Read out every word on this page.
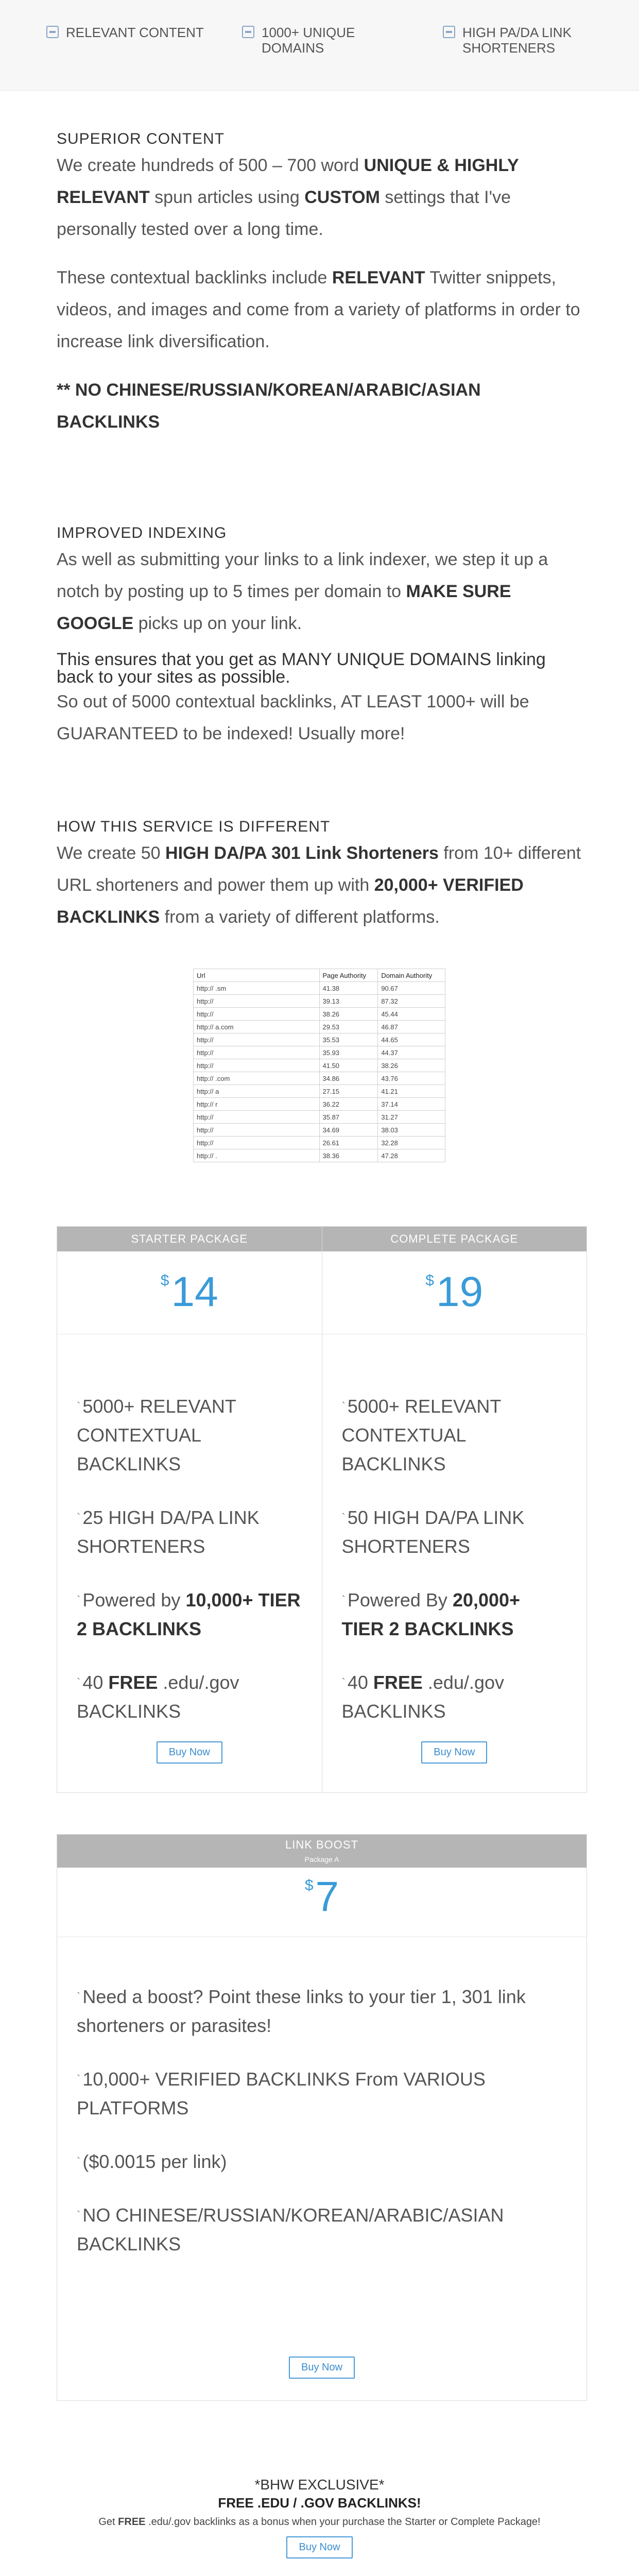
RELEVANT CONTENT	1000+ UNIQUE DOMAINS
HIGH PA/DA LINK SHORTENERS
SUPERIOR CONTENT

We create hundreds of 500 – 700 word UNIQUE & HIGHLY RELEVANT spun articles using CUSTOM settings that I've personally tested over a long time.

These contextual backlinks include RELEVANT Twitter snippets, videos, and images and come from a variety of platforms in order to increase link diversification.

** NO CHINESE/RUSSIAN/KOREAN/ARABIC/ASIAN BACKLINKS

IMPROVED INDEXING

As well as submitting your links to a link indexer, we step it up a notch by posting up to 5 times per domain to MAKE SURE GOOGLE picks up on your link.

This ensures that you get as MANY UNIQUE DOMAINS linking back to your sites as possible.

So out of 5000 contextual backlinks, AT LEAST 1000+ will be GUARANTEED to be indexed! Usually more!

HOW THIS SERVICE IS DIFFERENT

We create 50 HIGH DA/PA 301 Link Shorteners from 10+ different URL shorteners and power them up with 20,000+ VERIFIED BACKLINKS from a variety of different platforms.

Url	Page Authority	Domain Authority
http:// .sm	41.38	90.67
http://	39.13	87.32
http://	38.26	45.44
http:// a.com	29.53	46.87
http://	35.53	44.65
http://	35.93	44.37
http://	41.50	38.26
http:// .com	34.86	43.76
http:// a	27.15	41.21
http:// r	36.22	37.14
http://	35.87	31.27
http://	34.69	38.03
http://	26.61	32.28
http:// .	38.36	47.28
STARTER PACKAGE
$14
` 5000+ RELEVANT CONTEXTUAL BACKLINKS
` 25 HIGH DA/PA LINK SHORTENERS
` Powered by 10,000+ TIER 2 BACKLINKS
` 40 FREE .edu/.gov BACKLINKS
Buy Now
COMPLETE PACKAGE
$19
` 5000+ RELEVANT CONTEXTUAL BACKLINKS
` 50 HIGH DA/PA LINK SHORTENERS
` Powered By 20,000+ TIER 2 BACKLINKS
` 40 FREE .edu/.gov BACKLINKS
Buy Now
LINK BOOST
Package A
$7
` Need a boost? Point these links to your tier 1, 301 link shorteners or parasites!
` 10,000+ VERIFIED BACKLINKS From VARIOUS PLATFORMS
` ($0.0015 per link)
` NO CHINESE/RUSSIAN/KOREAN/ARABIC/ASIAN BACKLINKS
Buy Now
*BHW EXCLUSIVE*
FREE .EDU / .GOV BACKLINKS!
Get FREE .edu/.gov backlinks as a bonus when your purchase the Starter or Complete Package!
Buy Now
